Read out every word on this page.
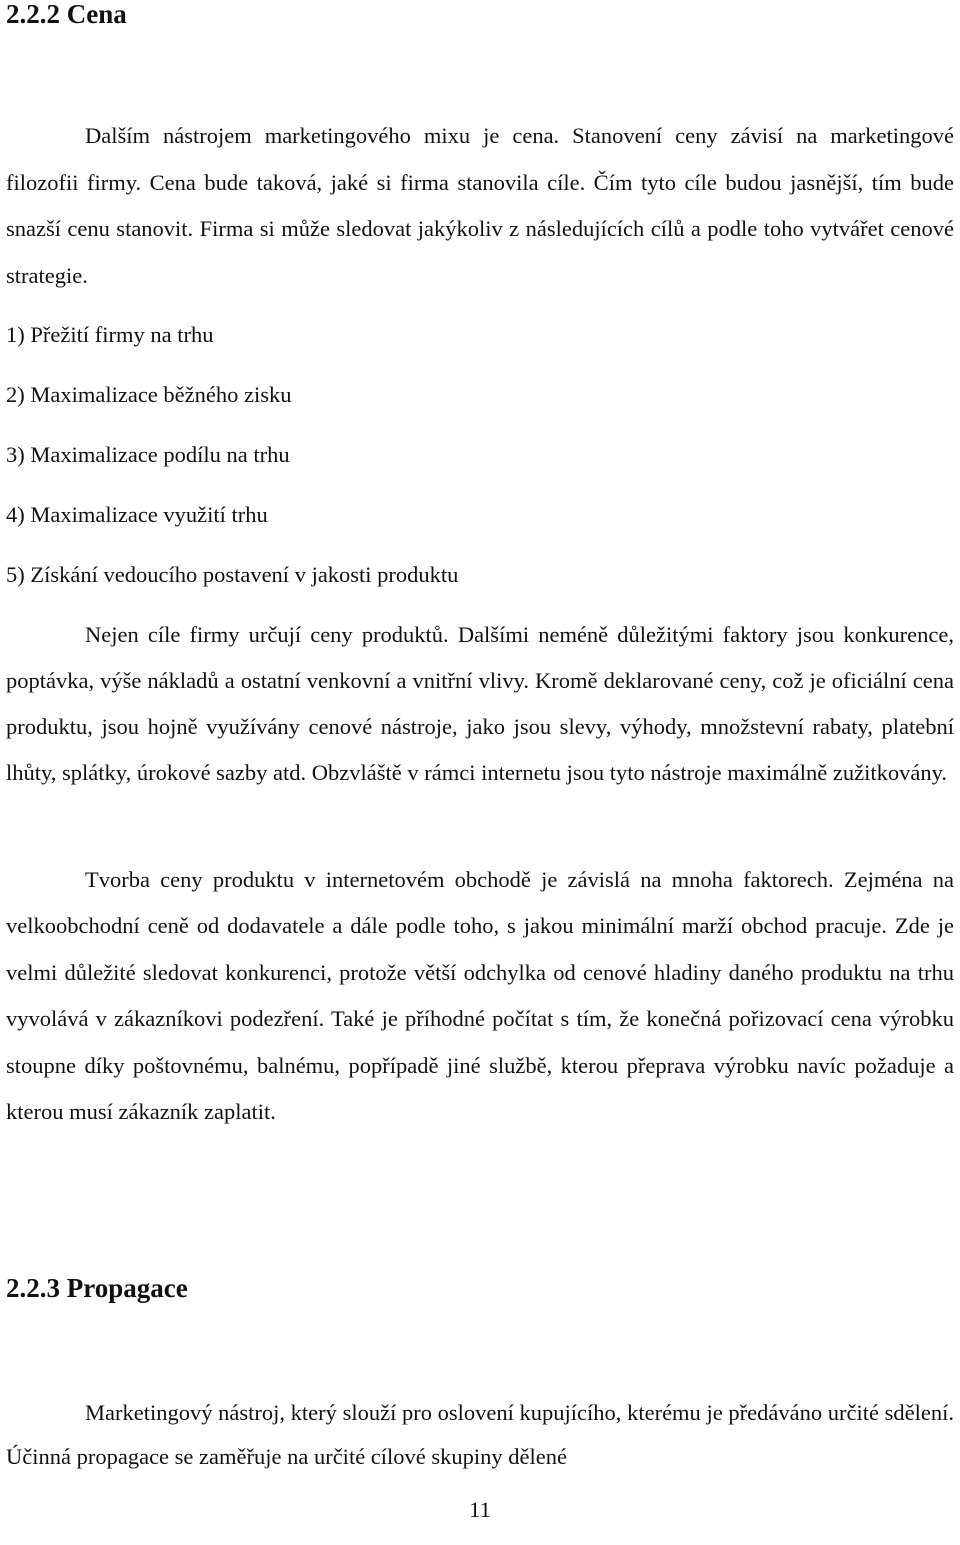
2.2.2 Cena

Dalším nástrojem marketingového mixu je cena. Stanovení ceny závisí na marketingové filozofii firmy. Cena bude taková, jaké si firma stanovila cíle. Čím tyto cíle budou jasnější, tím bude snazší cenu stanovit. Firma si může sledovat jakýkoliv z následujících cílů a podle toho vytvářet cenové strategie.

1) Přežití firmy na trhu
2) Maximalizace běžného zisku
3) Maximalizace podílu na trhu
4) Maximalizace využití trhu
5) Získání vedoucího postavení v jakosti produktu

Nejen cíle firmy určují ceny produktů. Dalšími neméně důležitými faktory jsou konkurence, poptávka, výše nákladů a ostatní venkovní a vnitřní vlivy. Kromě deklarované ceny, což je oficiální cena produktu, jsou hojně využívány cenové nástroje, jako jsou slevy, výhody, množstevní rabaty, platební lhůty, splátky, úrokové sazby atd. Obzvláště v rámci internetu jsou tyto nástroje maximálně zužitkovány.

Tvorba ceny produktu v internetovém obchodě je závislá na mnoha faktorech. Zejména na velkoobchodní ceně od dodavatele a dále podle toho, s jakou minimální marží obchod pracuje. Zde je velmi důležité sledovat konkurenci, protože větší odchylka od cenové hladiny daného produktu na trhu vyvolává v zákazníkovi podezření. Také je příhodné počítat s tím, že konečná pořizovací cena výrobku stoupne díky poštovnému, balnému, popřípadě jiné službě, kterou přeprava výrobku navíc požaduje a kterou musí zákazník zaplatit.

2.2.3 Propagace

Marketingový nástroj, který slouží pro oslovení kupujícího, kterému je předáváno určité sdělení. Účinná propagace se zaměřuje na určité cílové skupiny dělené

11
